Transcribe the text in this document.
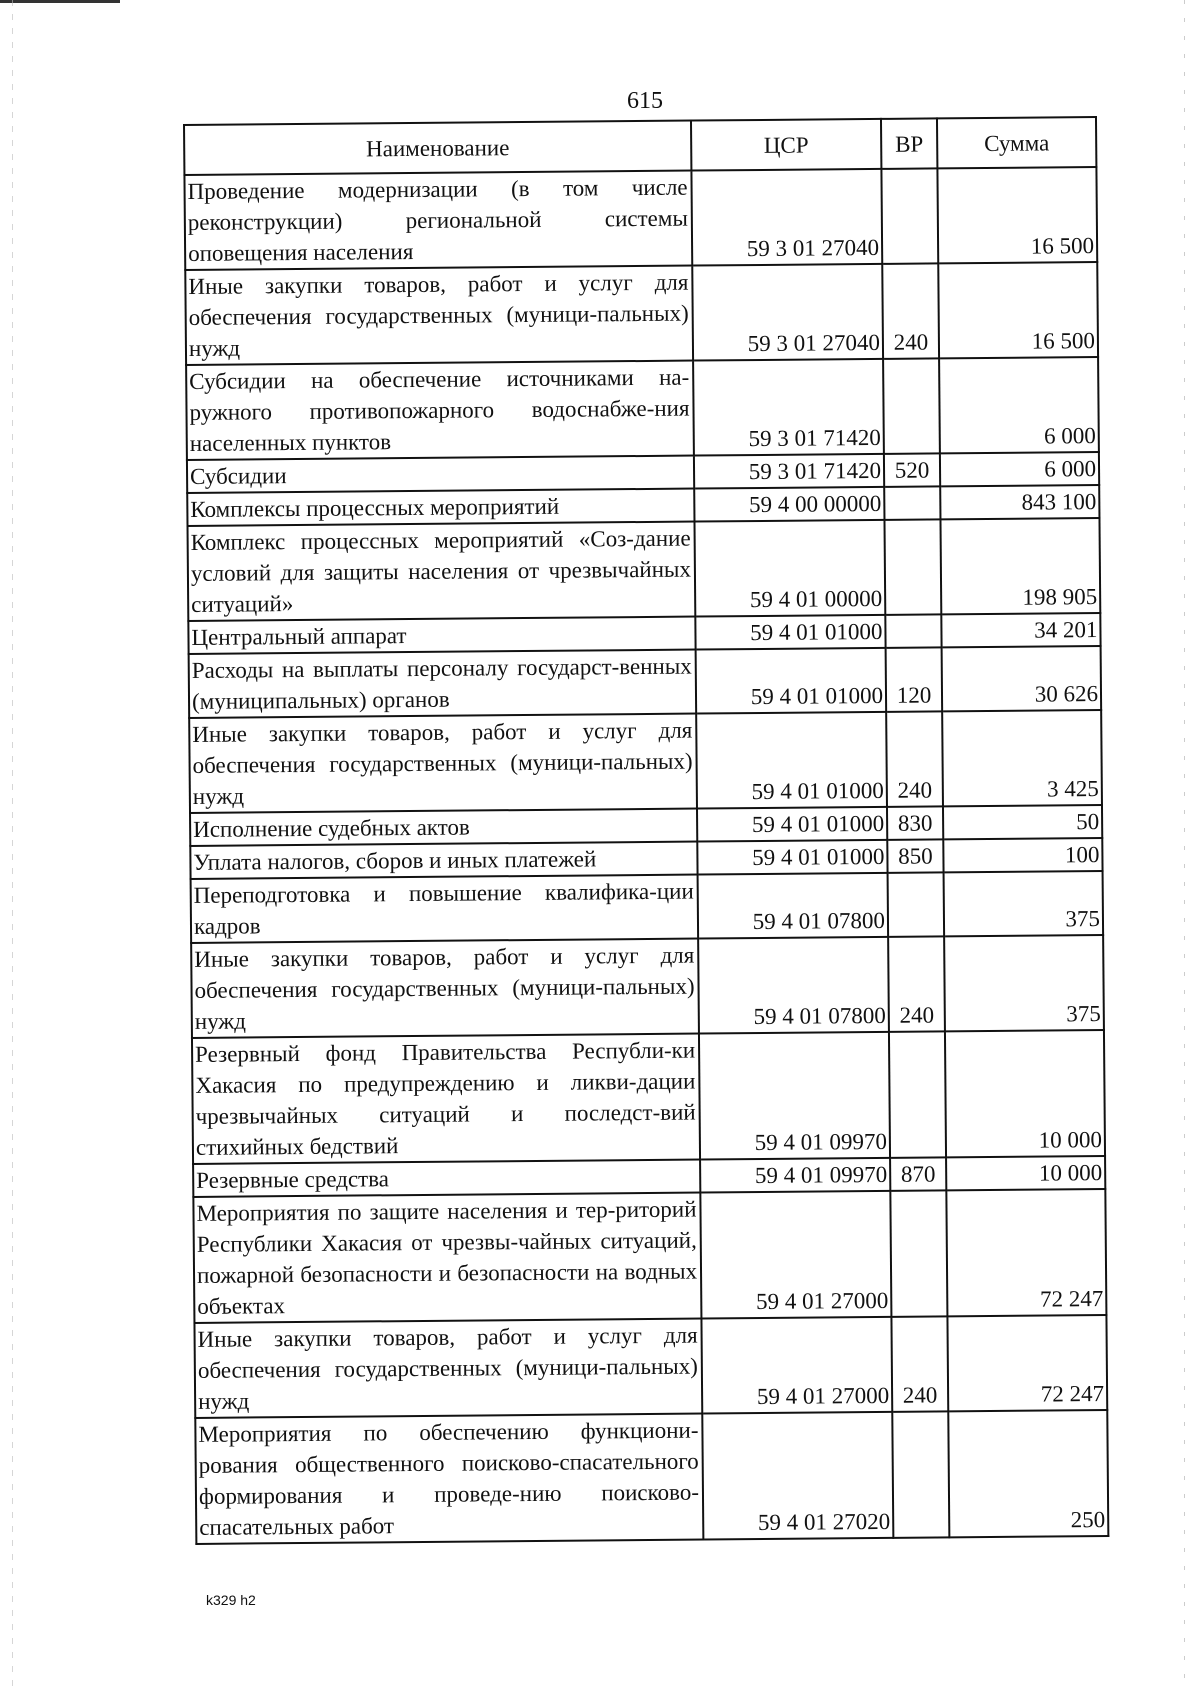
615
Наименование	ЦСР	ВР	Сумма
Проведение модернизации (в том числе реконструкции) региональной системы оповещения населения	59 3 01 27040		16 500
Иные закупки товаров, работ и услуг для обеспечения государственных (муници-пальных) нужд	59 3 01 27040	240	16 500
Субсидии на обеспечение источниками на-ружного противопожарного водоснабже-ния населенных пунктов	59 3 01 71420		6 000
Субсидии	59 3 01 71420	520	6 000
Комплексы процессных мероприятий	59 4 00 00000		843 100
Комплекс процессных мероприятий «Соз-дание условий для защиты населения от чрезвычайных ситуаций»	59 4 01 00000		198 905
Центральный аппарат	59 4 01 01000		34 201
Расходы на выплаты персоналу государст-венных (муниципальных) органов	59 4 01 01000	120	30 626
Иные закупки товаров, работ и услуг для обеспечения государственных (муници-пальных) нужд	59 4 01 01000	240	3 425
Исполнение судебных актов	59 4 01 01000	830	50
Уплата налогов, сборов и иных платежей	59 4 01 01000	850	100
Переподготовка и повышение квалифика-ции кадров	59 4 01 07800		375
Иные закупки товаров, работ и услуг для обеспечения государственных (муници-пальных) нужд	59 4 01 07800	240	375
Резервный фонд Правительства Республи-ки Хакасия по предупреждению и ликви-дации чрезвычайных ситуаций и последст-вий стихийных бедствий	59 4 01 09970		10 000
Резервные средства	59 4 01 09970	870	10 000
Мероприятия по защите населения и тер-риторий Республики Хакасия от чрезвы-чайных ситуаций, пожарной безопасности и безопасности на водных объектах	59 4 01 27000		72 247
Иные закупки товаров, работ и услуг для обеспечения государственных (муници-пальных) нужд	59 4 01 27000	240	72 247
Мероприятия по обеспечению функциони-рования общественного поисково-спасательного формирования и проведе-нию поисково-спасательных работ	59 4 01 27020		250
k329 h2
